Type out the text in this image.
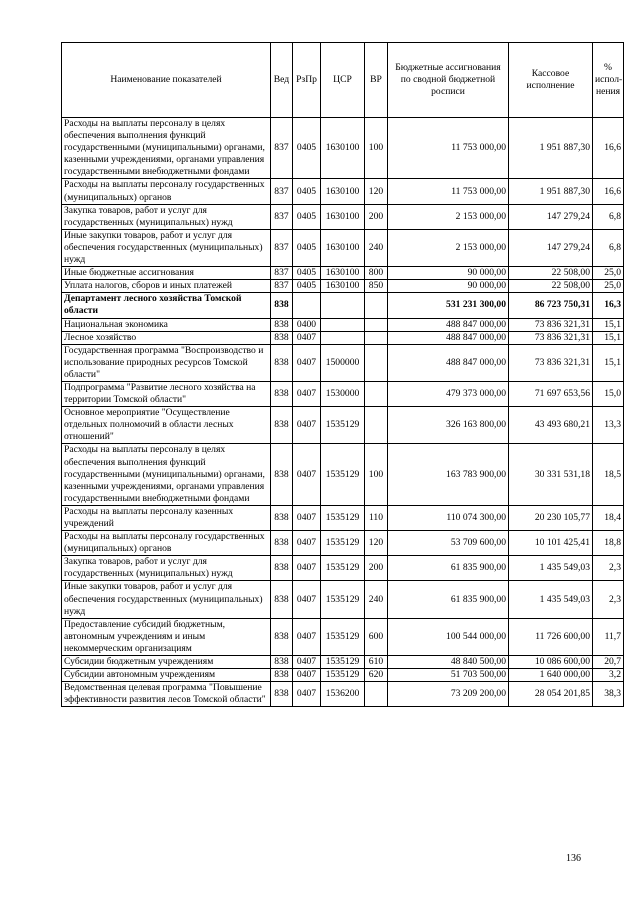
Наименование показателей	Вед	РзПр	ЦСР	ВР	Бюджетные ассигнования по сводной бюджетной росписи	Кассовое исполнение	% испол-нения
Расходы на выплаты персоналу в целях обеспечения выполнения функций государственными (муниципальными) органами, казенными учреждениями, органами управления государственными внебюджетными фондами	837	0405	1630100	100	11 753 000,00	1 951 887,30	16,6
Расходы на выплаты персоналу государственных (муниципальных) органов	837	0405	1630100	120	11 753 000,00	1 951 887,30	16,6
Закупка товаров, работ и услуг для государственных (муниципальных) нужд	837	0405	1630100	200	2 153 000,00	147 279,24	6,8
Иные закупки товаров, работ и услуг для обеспечения государственных (муниципальных) нужд	837	0405	1630100	240	2 153 000,00	147 279,24	6,8
Иные бюджетные ассигнования	837	0405	1630100	800	90 000,00	22 508,00	25,0
Уплата налогов, сборов и иных платежей	837	0405	1630100	850	90 000,00	22 508,00	25,0
Департамент лесного хозяйства Томской области	838				531 231 300,00	86 723 750,31	16,3
Национальная экономика	838	0400			488 847 000,00	73 836 321,31	15,1
Лесное хозяйство	838	0407			488 847 000,00	73 836 321,31	15,1
Государственная программа "Воспроизводство и использование природных ресурсов Томской области"	838	0407	1500000		488 847 000,00	73 836 321,31	15,1
Подпрограмма "Развитие лесного хозяйства на территории Томской области"	838	0407	1530000		479 373 000,00	71 697 653,56	15,0
Основное мероприятие "Осуществление отдельных полномочий в области лесных отношений"	838	0407	1535129		326 163 800,00	43 493 680,21	13,3
Расходы на выплаты персоналу в целях обеспечения выполнения функций государственными (муниципальными) органами, казенными учреждениями, органами управления государственными внебюджетными фондами	838	0407	1535129	100	163 783 900,00	30 331 531,18	18,5
Расходы на выплаты персоналу казенных учреждений	838	0407	1535129	110	110 074 300,00	20 230 105,77	18,4
Расходы на выплаты персоналу государственных (муниципальных) органов	838	0407	1535129	120	53 709 600,00	10 101 425,41	18,8
Закупка товаров, работ и услуг для государственных (муниципальных) нужд	838	0407	1535129	200	61 835 900,00	1 435 549,03	2,3
Иные закупки товаров, работ и услуг для обеспечения государственных (муниципальных) нужд	838	0407	1535129	240	61 835 900,00	1 435 549,03	2,3
Предоставление субсидий бюджетным, автономным учреждениям и иным некоммерческим организациям	838	0407	1535129	600	100 544 000,00	11 726 600,00	11,7
Субсидии бюджетным учреждениям	838	0407	1535129	610	48 840 500,00	10 086 600,00	20,7
Субсидии автономным учреждениям	838	0407	1535129	620	51 703 500,00	1 640 000,00	3,2
Ведомственная целевая программа "Повышение эффективности развития лесов Томской области"	838	0407	1536200		73 209 200,00	28 054 201,85	38,3
136
